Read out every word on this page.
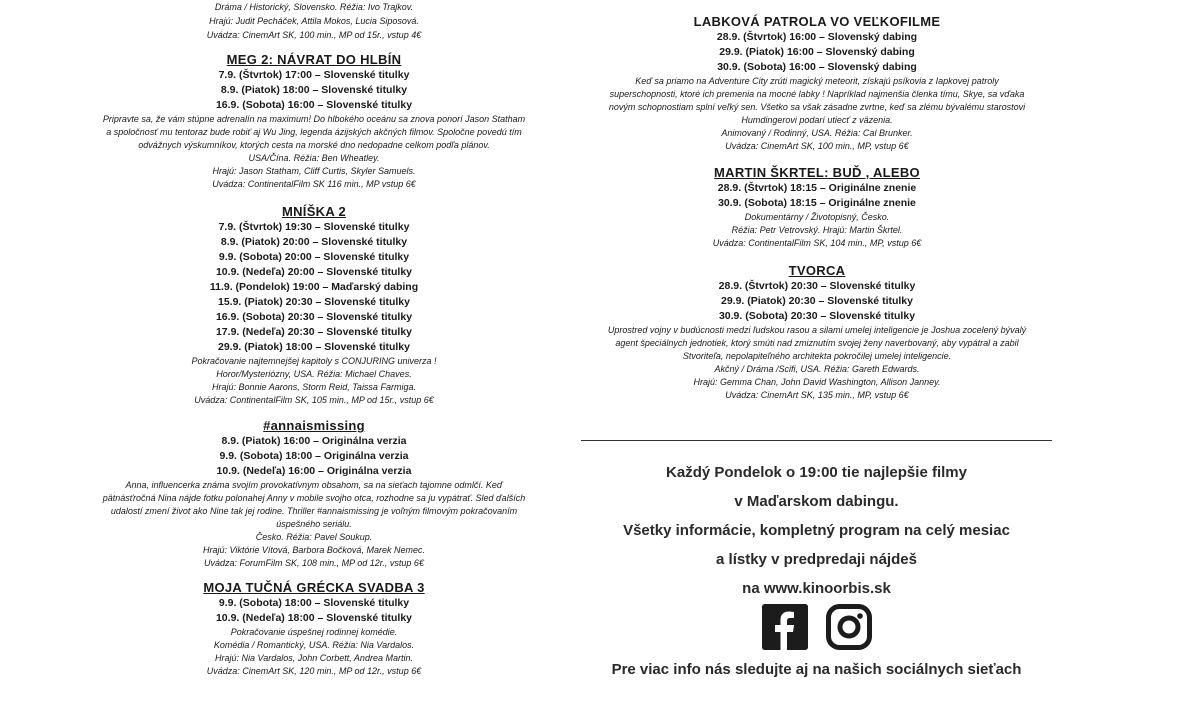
Dráma / Historický, Slovensko. Réžia: Ivo Trajkov.
Hrajú: Judit Pecháček, Attila Mokos, Lucia Siposová.
Uvádza: CinemArt SK, 100 min., MP od 15r., vstup 4€
MEG 2: NÁVRAT DO HLBÍN
7.9. (Štvrtok) 17:00 – Slovenské titulky
8.9. (Piatok) 18:00 – Slovenské titulky
16.9. (Sobota) 16:00 – Slovenské titulky
Pripravte sa, že vám stúpne adrenalín na maximum! Do hlbokého oceánu sa znova ponorí Jason Statham
a spoločnosť mu tentoraz bude robiť aj Wu Jing, legenda ázijských akčných filmov. Spoločne povedú tím
odvážnych výskumníkov, ktorých cesta na morské dno nedopadne celkom podľa plánov.
USA/Čína. Réžia: Ben Wheatley.
Hrajú: Jason Statham, Cliff Curtis, Skyler Samuels.
Uvádza: ContinentalFilm SK 116 min., MP vstup 6€
MNÍŠKA 2
7.9. (Štvrtok) 19:30 – Slovenské titulky
8.9. (Piatok) 20:00 – Slovenské titulky
9.9. (Sobota) 20:00 – Slovenské titulky
10.9. (Nedeľa) 20:00 – Slovenské titulky
11.9. (Pondelok) 19:00 – Maďarský dabing
15.9. (Piatok) 20:30 – Slovenské titulky
16.9. (Sobota) 20:30 – Slovenské titulky
17.9. (Nedeľa) 20:30 – Slovenské titulky
29.9. (Piatok) 18:00 – Slovenské titulky
Pokračovanie najtemnejšej kapitoly s CONJURING univerza !
Horor/Mysteriózny, USA. Réžia: Michael Chaves.
Hrajú: Bonnie Aarons, Storm Reid, Taissa Farmiga.
Uvádza: ContinentalFilm SK, 105 min., MP od 15r., vstup 6€
#annaismissing
8.9. (Piatok) 16:00 – Originálna verzia
9.9. (Sobota) 18:00 – Originálna verzia
10.9. (Nedeľa) 16:00 – Originálna verzia
Anna, influencerka známa svojím provokatívnym obsahom, sa na sieťach tajomne odmlčí. Keď
pätnásťročná Nina nájde fotku polonahej Anny v mobile svojho otca, rozhodne sa ju vypátrať. Sled ďalších
udalostí zmení život ako Nine tak jej rodine. Thriller #annaismissing je voľným filmovým pokračovaním
úspešného seriálu.
Česko. Réžia: Pavel Soukup.
Hrajú: Viktórie Vítová, Barbora Bočková, Marek Nemec.
Uvádza: ForumFilm SK, 108 min., MP od 12r., vstup 6€
MOJA TUČNÁ GRÉCKA SVADBA 3
9.9. (Sobota) 18:00 – Slovenské titulky
10.9. (Nedeľa) 18:00 – Slovenské titulky
Pokračovanie úspešnej rodinnej komédie.
Komédia / Romantický, USA. Réžia: Nia Vardalos.
Hrajú: Nia Vardalos, John Corbett, Andrea Martin.
Uvádza: CinemArt SK, 120 min., MP od 12r., vstup 6€
LABKOVÁ PATROLA VO VEĽKOFILME
28.9. (Štvrtok) 16:00 – Slovenský dabing
29.9. (Piatok) 16:00 – Slovenský dabing
30.9. (Sobota) 16:00 – Slovenský dabing
Keď sa priamo na Adventure City zrúti magický meteorit, získajú psíkovia z Iapkovej patroly
superschopnosti, ktoré ich premenia na mocné labky ! Napríklad najmenšia členka tímu, Skye, sa vďaka
novým schopnostiam splní veľký sen. Všetko sa však zásadne zvrtne, keď sa zlému bývalému starostovi
Humdingerovi podarí utiecť z väzenia.
Animovaný / Rodinný, USA. Réžia: Cal Brunker.
Uvádza: CinemArt SK, 100 min., MP, vstup 6€
MARTIN ŠKRTEL: BUĎ , ALEBO
28.9. (Štvrtok) 18:15 – Originálne znenie
30.9. (Sobota) 18:15 – Originálne znenie
Dokumentárny / Životopisný, Česko.
Réžia: Petr Vetrovský. Hrajú: Martin Škrtel.
Uvádza: ContinentalFilm SK, 104 min., MP, vstup 6€
TVORCA
28.9. (Štvrtok) 20:30 – Slovenské titulky
29.9. (Piatok) 20:30 – Slovenské titulky
30.9. (Sobota) 20:30 – Slovenské titulky
Uprostred vojny v budúcnosti medzi ľudskou rasou a silami umelej inteligencie je Joshua zocelený bývalý
agent špeciálnych jednotiek, ktorý smúti nad zmiznutím svojej ženy naverbovaný, aby vypátral a zabil
Stvoriteľa, nepolapiteľného architekta pokročilej umelej inteligencie.
Akčný / Dráma /Scifi, USA. Réžia: Gareth Edwards.
Hrajú: Gemma Chan, John David Washington, Allison Janney.
Uvádza: CinemArt SK, 135 min., MP, vstup 6€
Každý Pondelok o 19:00 tie najlepšie filmy
v Maďarskom dabingu.
Všetky informácie, kompletný program na celý mesiac
a lístky v predpredaji nájdeš
na www.kinoorbis.sk
Pre viac info nás sledujte aj na našich sociálnych sieťach
